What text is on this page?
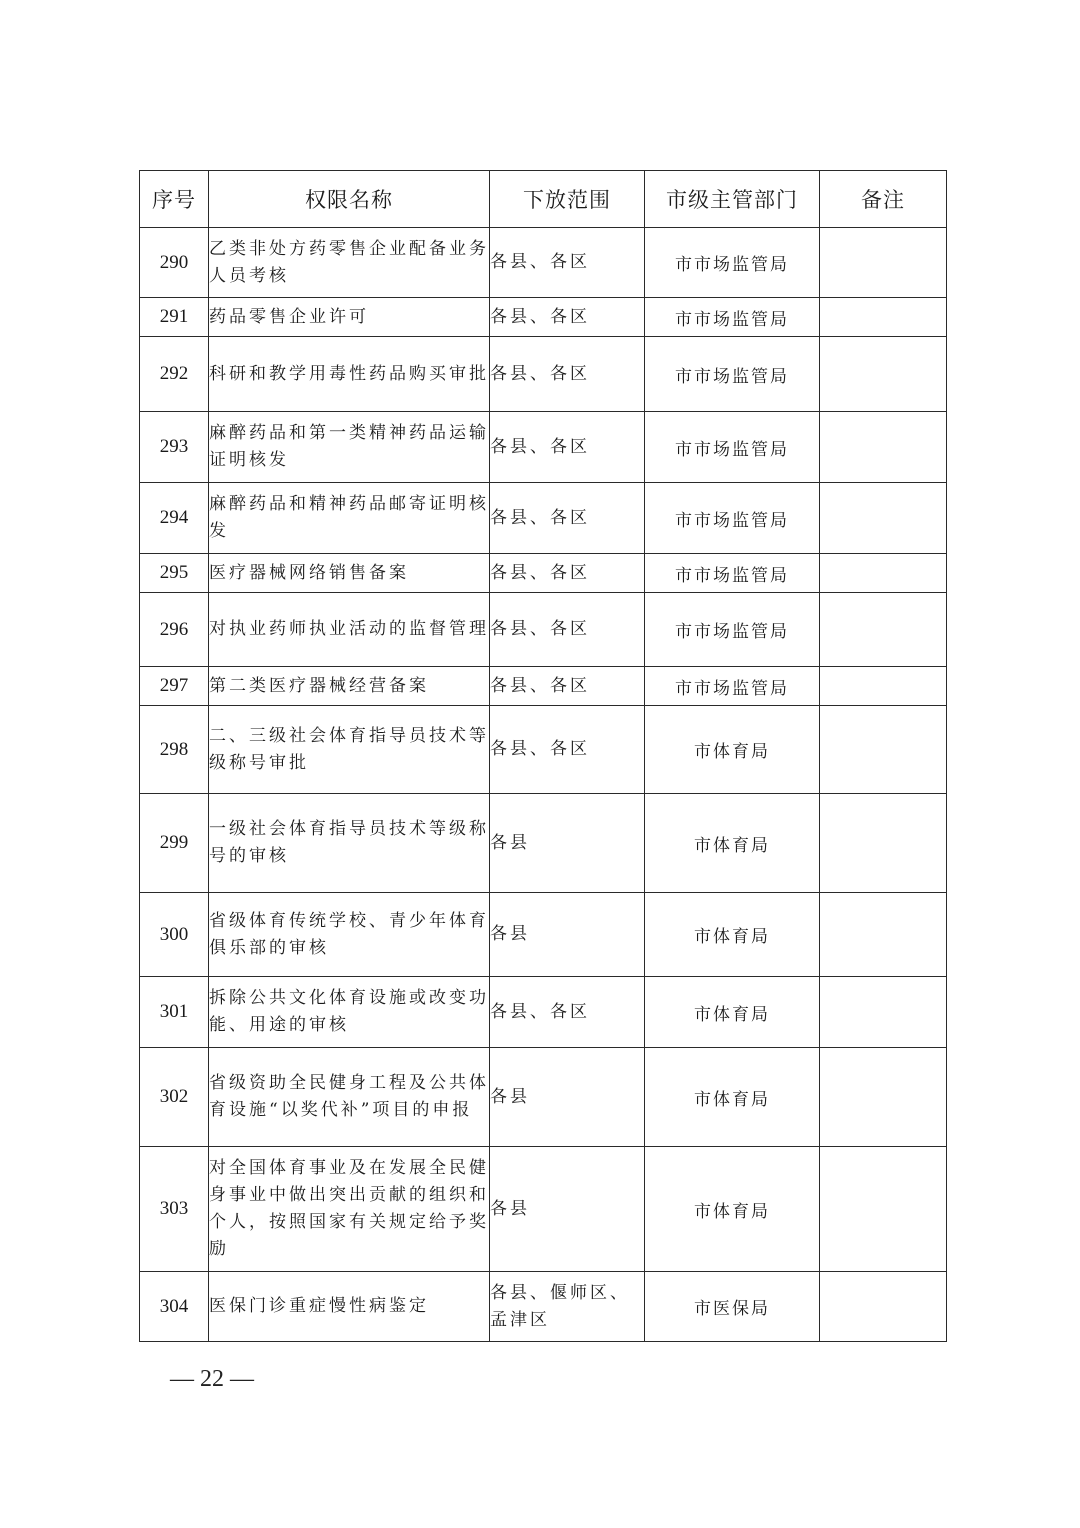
序号	权限名称	下放范围	市级主管部门	备注
290	乙类非处方药零售企业配备业务人员考核	各县、各区	市市场监管局	
291	药品零售企业许可	各县、各区	市市场监管局	
292	科研和教学用毒性药品购买审批	各县、各区	市市场监管局	
293	麻醉药品和第一类精神药品运输证明核发	各县、各区	市市场监管局	
294	麻醉药品和精神药品邮寄证明核发	各县、各区	市市场监管局	
295	医疗器械网络销售备案	各县、各区	市市场监管局	
296	对执业药师执业活动的监督管理	各县、各区	市市场监管局	
297	第二类医疗器械经营备案	各县、各区	市市场监管局	
298	二、三级社会体育指导员技术等级称号审批	各县、各区	市体育局	
299	一级社会体育指导员技术等级称号的审核	各县	市体育局	
300	省级体育传统学校、青少年体育俱乐部的审核	各县	市体育局	
301	拆除公共文化体育设施或改变功能、用途的审核	各县、各区	市体育局	
302	省级资助全民健身工程及公共体育设施“以奖代补”项目的申报	各县	市体育局	
303	对全国体育事业及在发展全民健身事业中做出突出贡献的组织和个人，按照国家有关规定给予奖励	各县	市体育局	
304	医保门诊重症慢性病鉴定	各县、偃师区、孟津区	市医保局	
— 22 —
